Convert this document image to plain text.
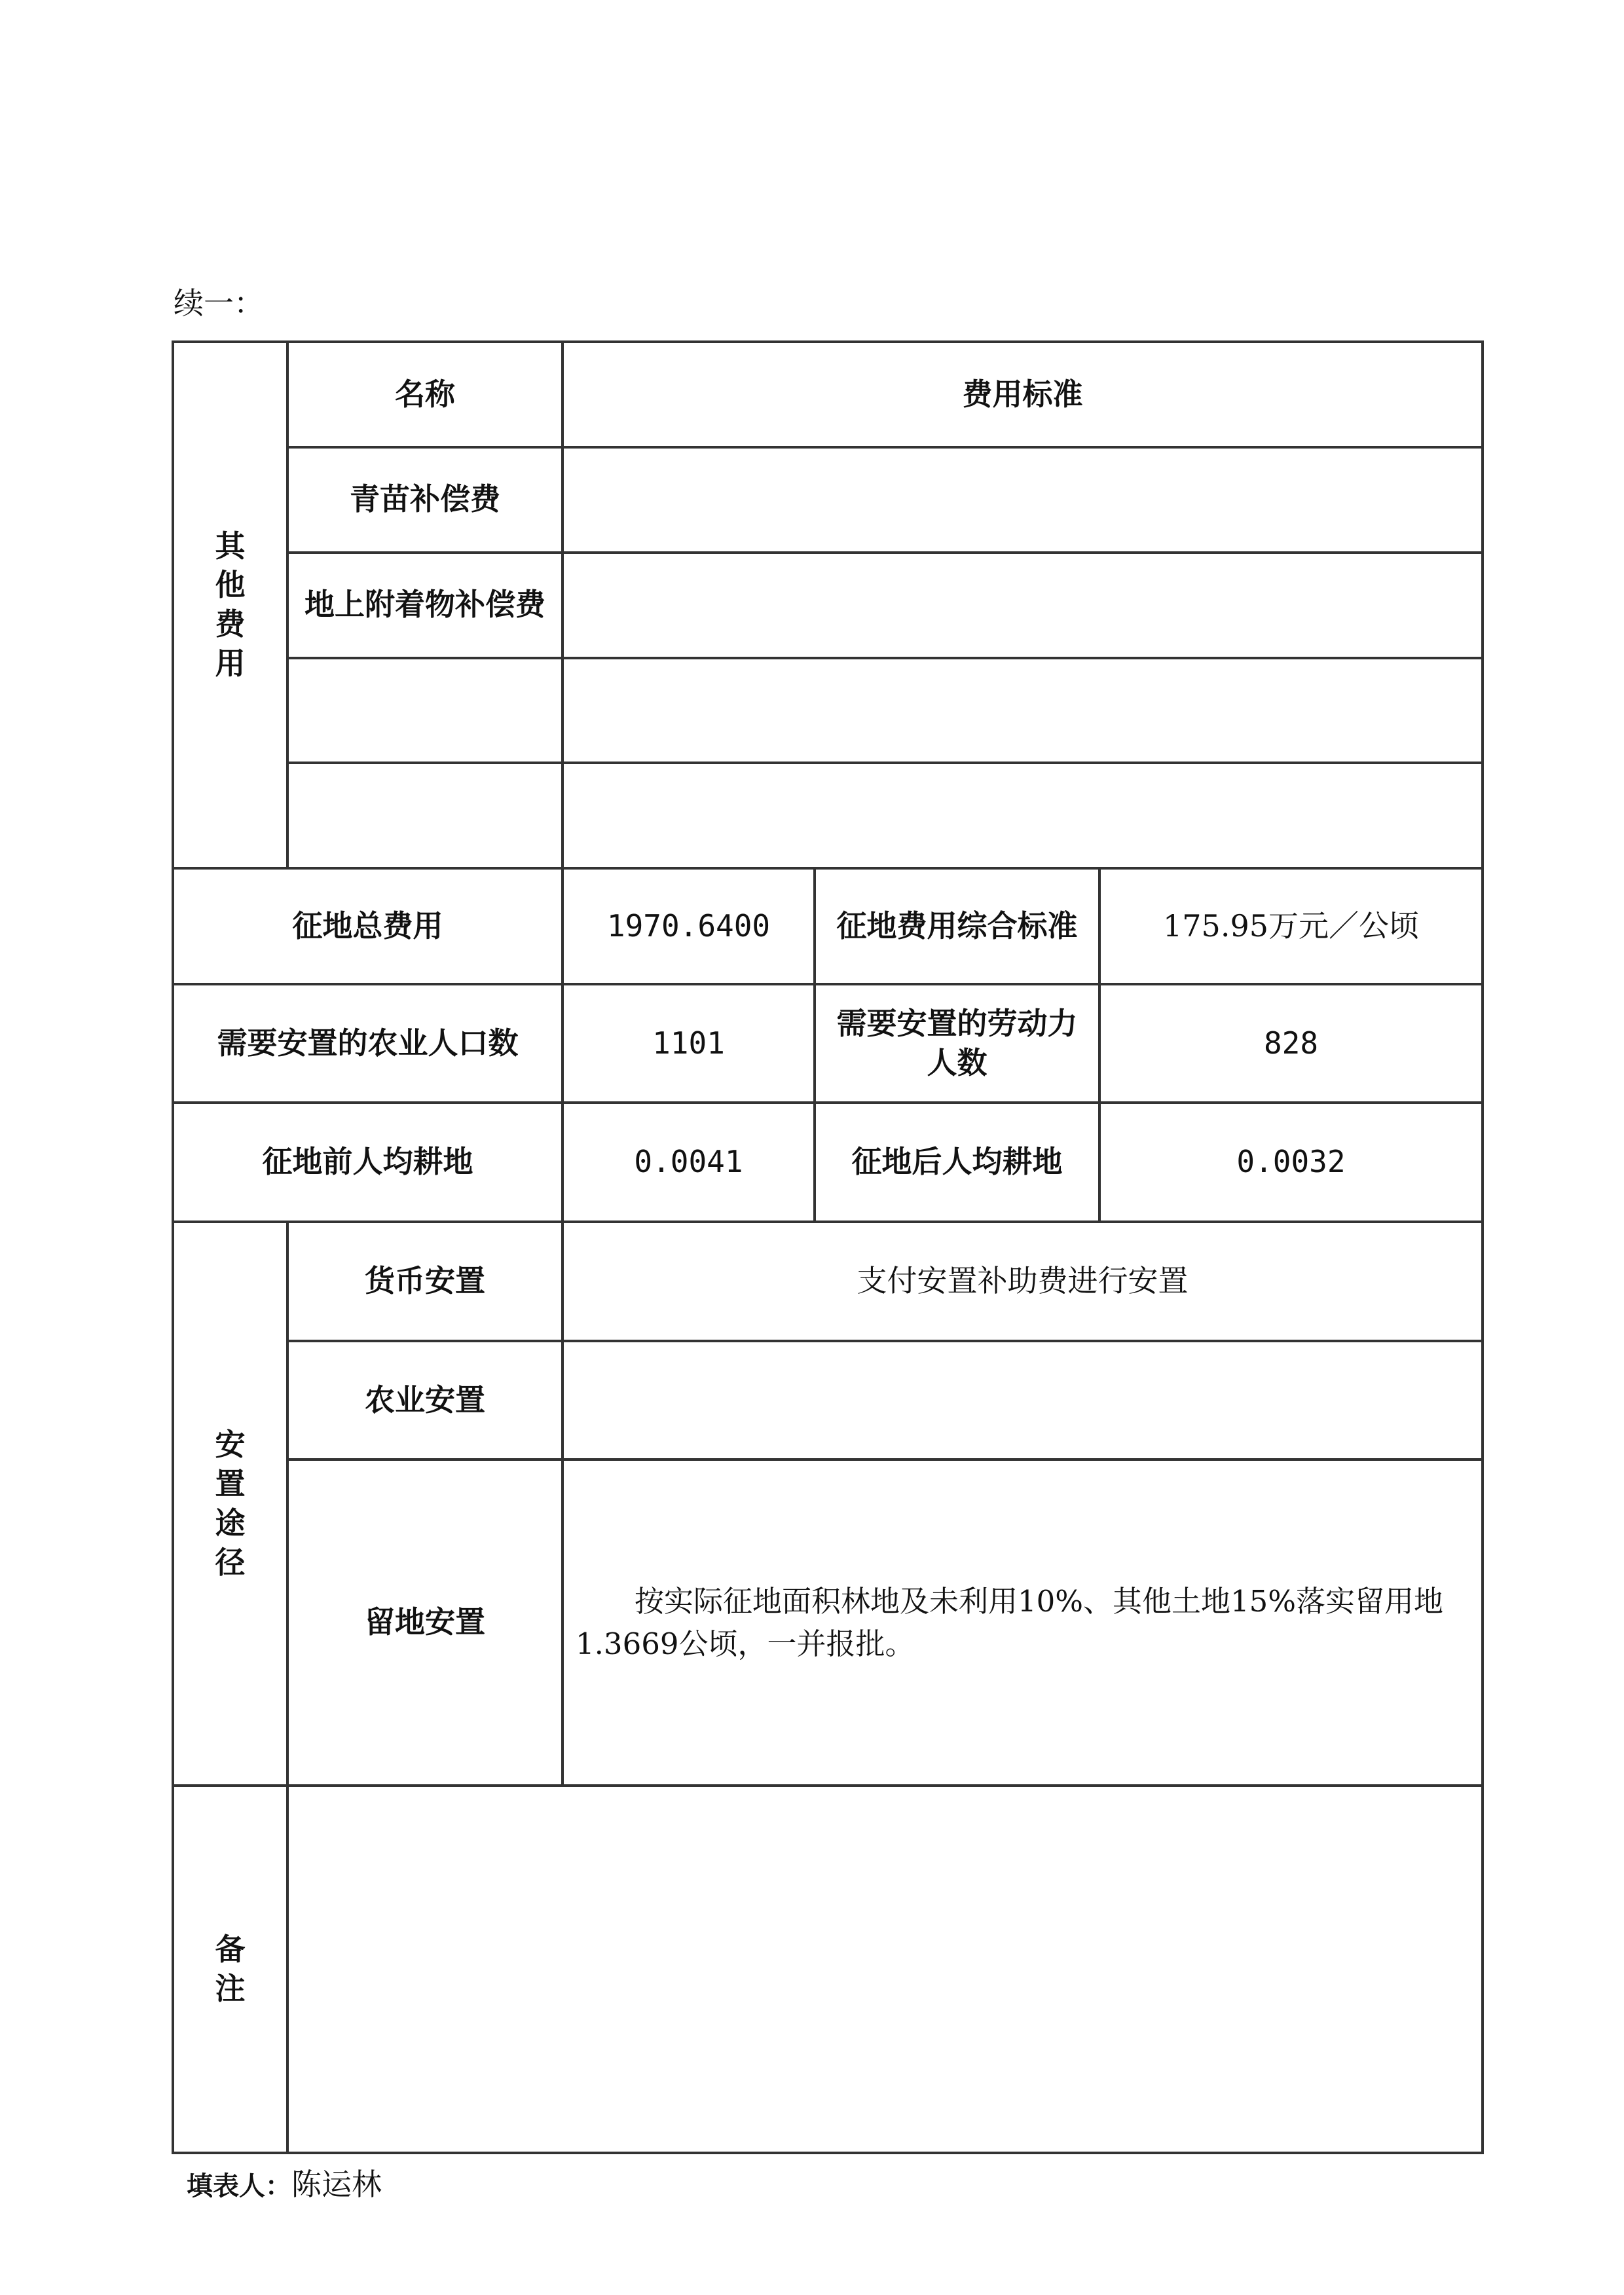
续一：
其他费用	名称	费用标准		
	青苗补偿费			
	地上附着物补偿费			

征地总费用		1970.6400	征地费用综合标准	175.95万元／公顷
需要安置的农业人口数		1101	需要安置的劳动力人数	828
征地前人均耕地		0.0041	征地后人均耕地	0.0032
安置途径	货币安置	支付安置补助费进行安置		
	农业安置			
	留地安置	按实际征地面积林地及未利用10%、其他土地15%落实留用地1.3669公顷，一并报批。		

备注				
填表人：陈运林
